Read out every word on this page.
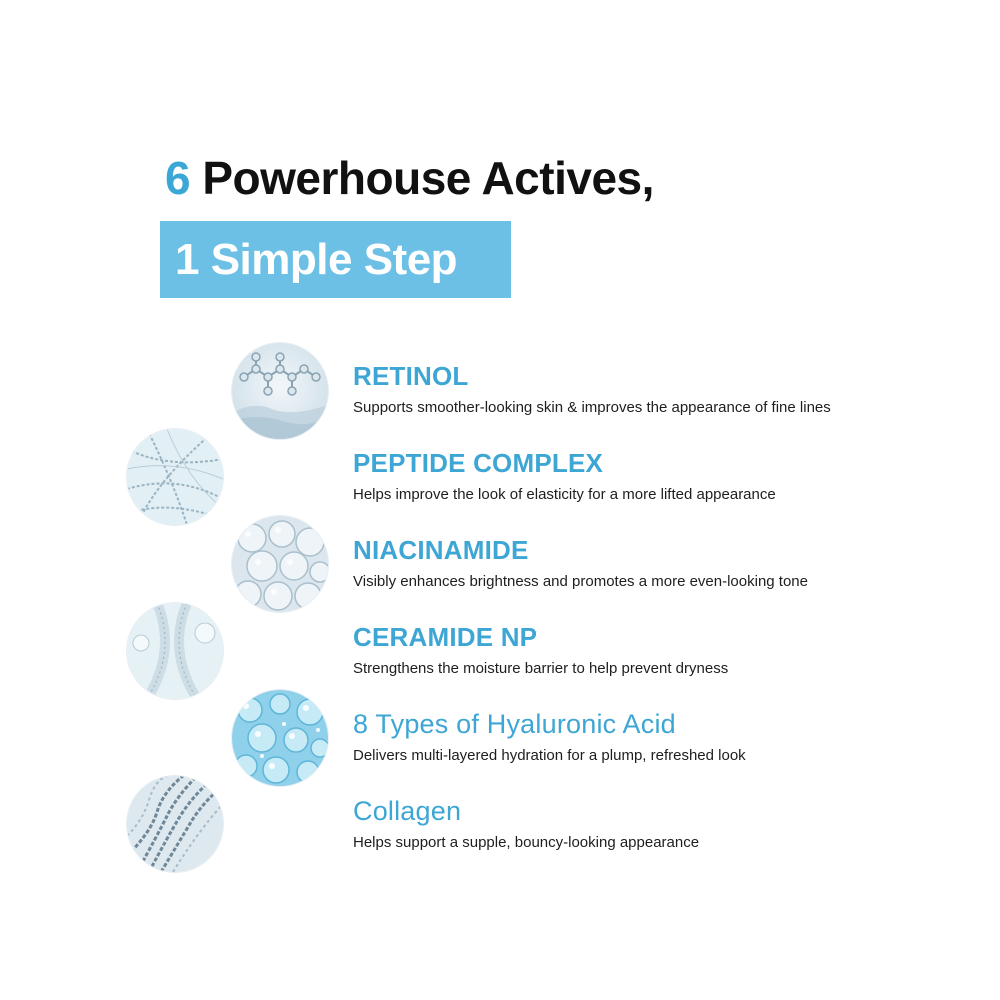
6 Powerhouse Actives,
1 Simple Step
RETINOL
Supports smoother-looking skin & improves the appearance of fine lines
PEPTIDE COMPLEX
Helps improve the look of elasticity for a more lifted appearance
NIACINAMIDE
Visibly enhances brightness and promotes a more even-looking tone
CERAMIDE NP
Strengthens the moisture barrier to help prevent dryness
8 Types of Hyaluronic Acid
Delivers multi-layered hydration for a plump, refreshed look
Collagen
Helps support a supple, bouncy-looking appearance
